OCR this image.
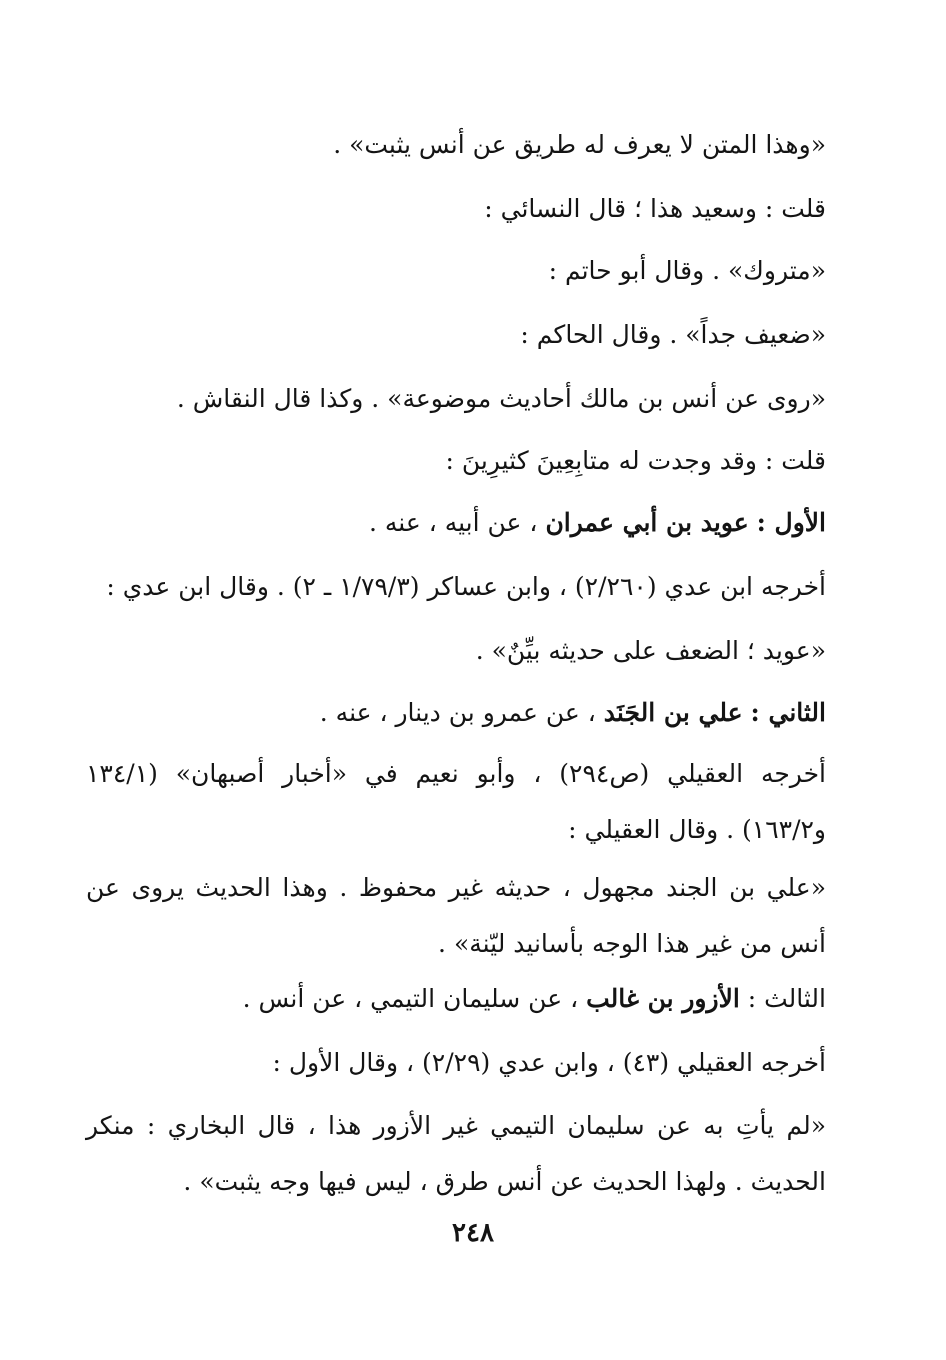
«وهذا المتن لا يعرف له طريق عن أنس يثبت» .

قلت : وسعيد هذا ؛ قال النسائي :

«متروك» . وقال أبو حاتم :

«ضعيف جداً» . وقال الحاكم :

«روى عن أنس بن مالك أحاديث موضوعة» . وكذا قال النقاش .

قلت : وقد وجدت له متابِعِينَ كثيرِينَ :

الأول : عويد بن أبي عمران ، عن أبيه ، عنه .

أخرجه ابن عدي (٢/٢٦٠) ، وابن عساكر (١/٧٩/٣ ـ ٢) . وقال ابن عدي :

«عويد ؛ الضعف على حديثه بيِّنٌ» .

الثاني : علي بن الجَنَد ، عن عمرو بن دينار ، عنه .

أخرجه العقيلي (ص٢٩٤) ، وأبو نعيم في «أخبار أصبهان» (١٣٤/١ و١٦٣/٢) . وقال العقيلي :

«علي بن الجند مجهول ، حديثه غير محفوظ . وهذا الحديث يروى عن أنس من غير هذا الوجه بأسانيد ليّنة» .

الثالث : الأزور بن غالب ، عن سليمان التيمي ، عن أنس .

أخرجه العقيلي (٤٣) ، وابن عدي (٢/٢٩) ، وقال الأول :

«لم يأتِ به عن سليمان التيمي غير الأزور هذا ، قال البخاري : منكر الحديث . ولهذا الحديث عن أنس طرق ، ليس فيها وجه يثبت» .

٢٤٨
